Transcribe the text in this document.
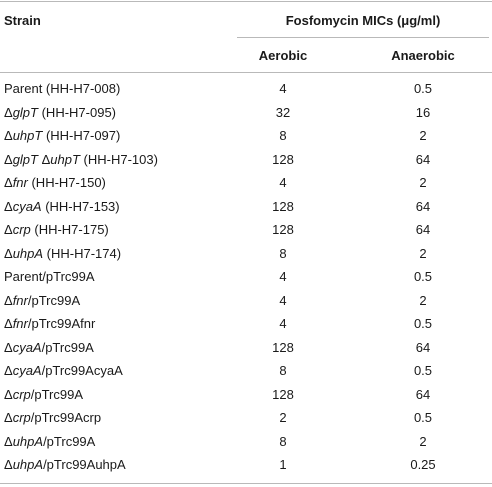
Strain	Fosfomycin MICs (μg/ml)
Aerobic	Anaerobic
Parent (HH-H7-008)	4	0.5
ΔglpT (HH-H7-095)	32	16
ΔuhpT (HH-H7-097)	8	2
ΔglpT ΔuhpT (HH-H7-103)	128	64
Δfnr (HH-H7-150)	4	2
ΔcyaA (HH-H7-153)	128	64
Δcrp (HH-H7-175)	128	64
ΔuhpA (HH-H7-174)	8	2
Parent/pTrc99A	4	0.5
Δfnr/pTrc99A	4	2
Δfnr/pTrc99Afnr	4	0.5
ΔcyaA/pTrc99A	128	64
ΔcyaA/pTrc99AcyaA	8	0.5
Δcrp/pTrc99A	128	64
Δcrp/pTrc99Acrp	2	0.5
ΔuhpA/pTrc99A	8	2
ΔuhpA/pTrc99AuhpA	1	0.25
